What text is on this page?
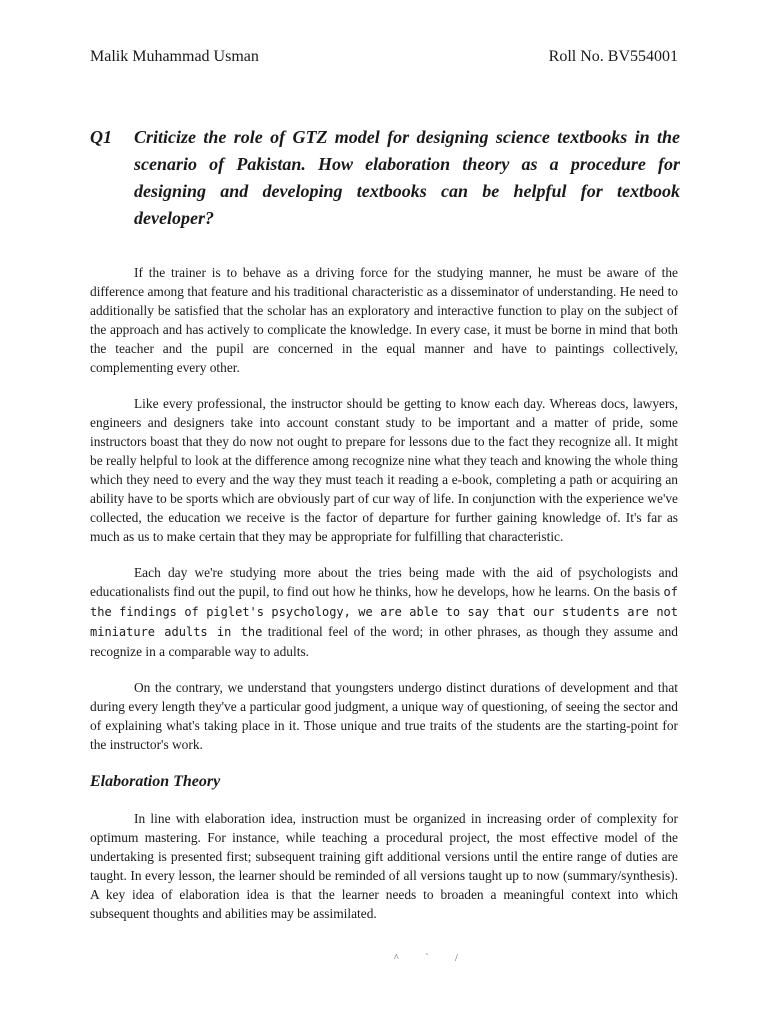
Malik Muhammad Usman	Roll No. BV554001
Q1	Criticize the role of GTZ model for designing science textbooks in the scenario of Pakistan. How elaboration theory as a procedure for designing and developing textbooks can be helpful for textbook developer?

If the trainer is to behave as a driving force for the studying manner, he must be aware of the difference among that feature and his traditional characteristic as a disseminator of understanding. He need to additionally be satisfied that the scholar has an exploratory and interactive function to play on the subject of the approach and has actively to complicate the knowledge. In every case, it must be borne in mind that both the teacher and the pupil are concerned in the equal manner and have to paintings collectively, complementing every other.

Like every professional, the instructor should be getting to know each day. Whereas docs, lawyers, engineers and designers take into account constant study to be important and a matter of pride, some instructors boast that they do now not ought to prepare for lessons due to the fact they recognize all. It might be really helpful to look at the difference among recognize nine what they teach and knowing the whole thing which they need to every and the way they must teach it reading a e-book, completing a path or acquiring an ability have to be sports which are obviously part of cur way of life. In conjunction with the experience we've collected, the education we receive is the factor of departure for further gaining knowledge of. It's far as much as us to make certain that they may be appropriate for fulfilling that characteristic.

Each day we're studying more about the tries being made with the aid of psychologists and educationalists find out the pupil, to find out how he thinks, how he develops, how he learns. On the basis of the findings of piglet's psychology, we are able to say that our students are not miniature adults in the traditional feel of the word; in other phrases, as though they assume and recognize in a comparable way to adults.

On the contrary, we understand that youngsters undergo distinct durations of development and that during every length they've a particular good judgment, a unique way of questioning, of seeing the sector and of explaining what's taking place in it. Those unique and true traits of the students are the starting-point for the instructor's work.

Elaboration Theory

In line with elaboration idea, instruction must be organized in increasing order of complexity for optimum mastering. For instance, while teaching a procedural project, the most effective model of the undertaking is presented first; subsequent training gift additional versions until the entire range of duties are taught. In every lesson, the learner should be reminded of all versions taught up to now (summary/synthesis). A key idea of elaboration idea is that the learner needs to broaden a meaningful context into which subsequent thoughts and abilities may be assimilated.

^ ` /
